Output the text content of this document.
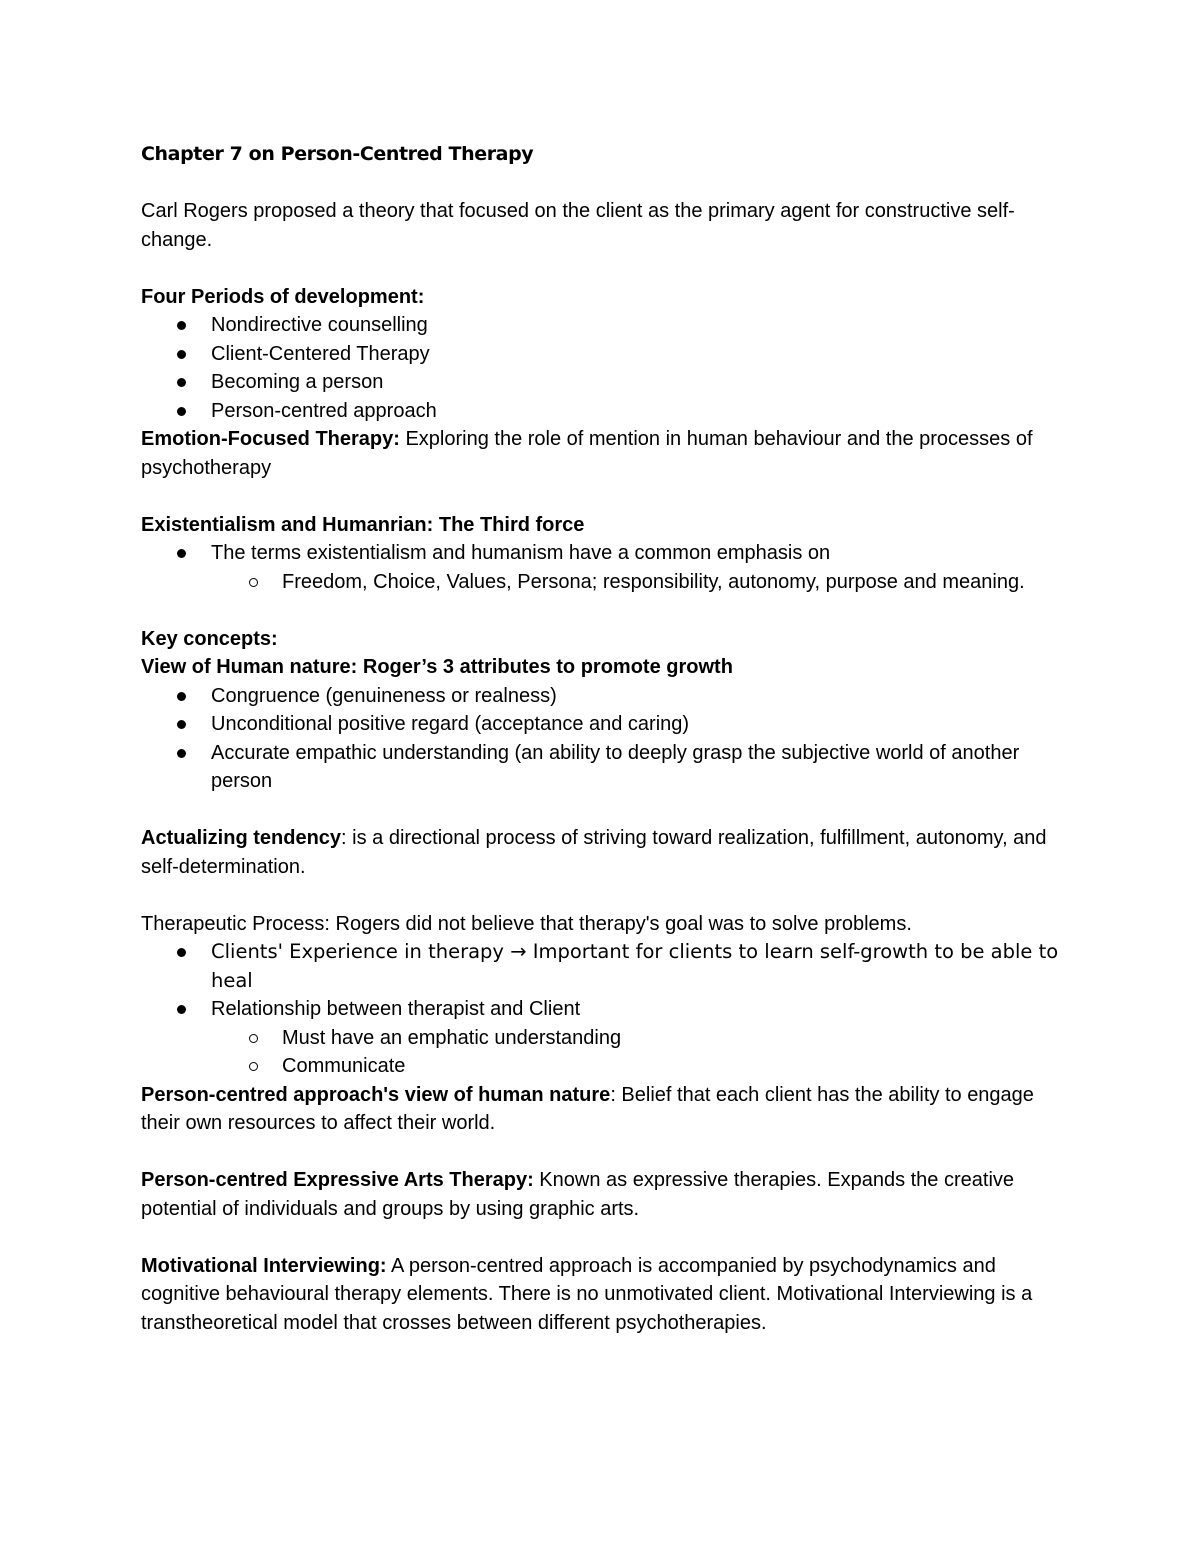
Chapter 7 on Person-Centred Therapy

Carl Rogers proposed a theory that focused on the client as the primary agent for constructive self-change.

Four Periods of development:

Nondirective counselling
Client-Centered Therapy
Becoming a person
Person-centred approach

Emotion-Focused Therapy: Exploring the role of mention in human behaviour and the processes of psychotherapy

Existentialism and Humanrian: The Third force

The terms existentialism and humanism have a common emphasis on
Freedom, Choice, Values, Persona; responsibility, autonomy, purpose and meaning.

Key concepts:

View of Human nature: Roger’s 3 attributes to promote growth

Congruence (genuineness or realness)
Unconditional positive regard (acceptance and caring)
Accurate empathic understanding (an ability to deeply grasp the subjective world of another person

Actualizing tendency: is a directional process of striving toward realization, fulfillment, autonomy, and self-determination.

Therapeutic Process: Rogers did not believe that therapy's goal was to solve problems.

Clients' Experience in therapy → Important for clients to learn self-growth to be able to heal
Relationship between therapist and Client
Must have an emphatic understanding
Communicate

Person-centred approach's view of human nature: Belief that each client has the ability to engage their own resources to affect their world.

Person-centred Expressive Arts Therapy: Known as expressive therapies. Expands the creative potential of individuals and groups by using graphic arts.

Motivational Interviewing: A person-centred approach is accompanied by psychodynamics and cognitive behavioural therapy elements. There is no unmotivated client. Motivational Interviewing is a transtheoretical model that crosses between different psychotherapies.
